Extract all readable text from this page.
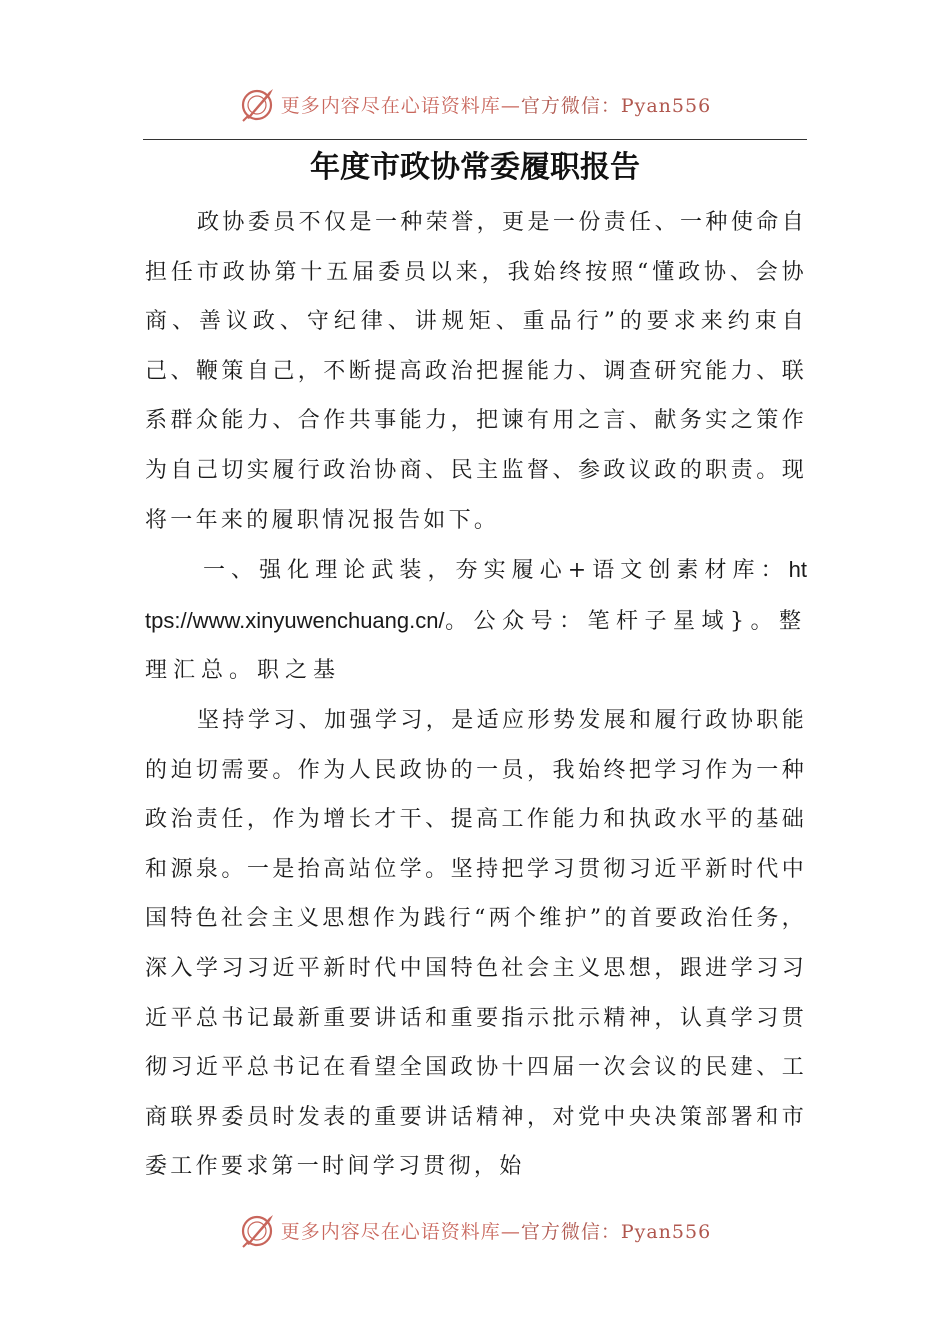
更多内容尽在心语资料库—官方微信：Pyan556
年度市政协常委履职报告

政协委员不仅是一种荣誉，更是一份责任、一种使命自担任市政协第十五届委员以来，我始终按照“懂政协、会协商、善议政、守纪律、讲规矩、重品行”的要求来约束自己、鞭策自己，不断提高政治把握能力、调查研究能力、联系群众能力、合作共事能力，把谏有用之言、献务实之策作为自己切实履行政治协商、民主监督、参政议政的职责。现将一年来的履职情况报告如下。

一、强化理论武装，夯实履心+语文创素材库：https://www.xinyuwenchuang.cn/。公众号：笔杆子星域}。整理汇总。职之基

坚持学习、加强学习，是适应形势发展和履行政协职能的迫切需要。作为人民政协的一员，我始终把学习作为一种政治责任，作为增长才干、提高工作能力和执政水平的基础和源泉。一是抬高站位学。坚持把学习贯彻习近平新时代中国特色社会主义思想作为践行“两个维护”的首要政治任务，深入学习习近平新时代中国特色社会主义思想，跟进学习习近平总书记最新重要讲话和重要指示批示精神，认真学习贯彻习近平总书记在看望全国政协十四届一次会议的民建、工商联界委员时发表的重要讲话精神，对党中央决策部署和市委工作要求第一时间学习贯彻，始

更多内容尽在心语资料库—官方微信：Pyan556
